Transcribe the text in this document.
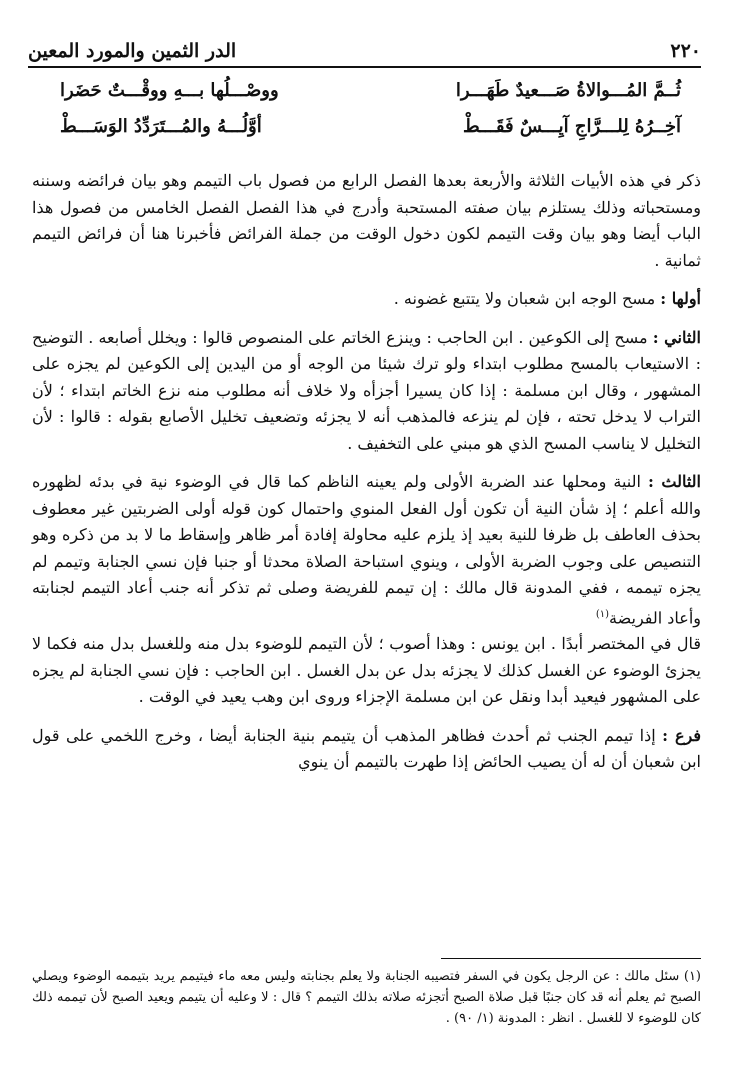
٢٢٠
الدر الثمين والمورد المعين
ثُــمَّ المُـــوالاةُ صَـــعيدٌ طَهَـــرا
ووصْـــلُها بـــهِ ووقْـــتٌ حَضَرا
آخِــرُهُ لِلـــرَّاجِ آيِـــسٌ فَقَـــطْ
أوَّلُـــهُ والمُـــتَرَدِّدُ الوَسَـــطْ

ذكر في هذه الأبيات الثلاثة والأربعة بعدها الفصل الرابع من فصول باب التيمم وهو بيان فرائضه وسننه ومستحباته وذلك يستلزم بيان صفته المستحبة وأدرج في هذا الفصل الفصل الخامس من فصول هذا الباب أيضا وهو بيان وقت التيمم لكون دخول الوقت من جملة الفرائض فأخبرنا هنا أن فرائض التيمم ثمانية .

أولها : مسح الوجه ابن شعبان ولا يتتبع غضونه .

الثاني : مسح إلى الكوعين . ابن الحاجب : وينزع الخاتم على المنصوص قالوا : ويخلل أصابعه . التوضيح : الاستيعاب بالمسح مطلوب ابتداء ولو ترك شيئا من الوجه أو من اليدين إلى الكوعين لم يجزه على المشهور ، وقال ابن مسلمة : إذا كان يسيرا أجزأه ولا خلاف أنه مطلوب منه نزع الخاتم ابتداء ؛ لأن التراب لا يدخل تحته ، فإن لم ينزعه فالمذهب أنه لا يجزئه وتضعيف تخليل الأصابع بقوله : قالوا : لأن التخليل لا يناسب المسح الذي هو مبني على التخفيف .

الثالث : النية ومحلها عند الضربة الأولى ولم يعينه الناظم كما قال في الوضوء نية في بدئه لظهوره والله أعلم ؛ إذ شأن النية أن تكون أول الفعل المنوي واحتمال كون قوله أولى الضربتين غير معطوف بحذف العاطف بل ظرفا للنية بعيد إذ يلزم عليه محاولة إفادة أمر ظاهر وإسقاط ما لا بد من ذكره وهو التنصيص على وجوب الضربة الأولى ، وينوي استباحة الصلاة محدثا أو جنبا فإن نسي الجنابة وتيمم لم يجزه تيممه ، ففي المدونة قال مالك : إن تيمم للفريضة وصلى ثم تذكر أنه جنب أعاد التيمم لجنابته وأعاد الفريضة$^{(١)}$

قال في المختصر أبدًا . ابن يونس : وهذا أصوب ؛ لأن التيمم للوضوء بدل منه وللغسل بدل منه فكما لا يجزئ الوضوء عن الغسل كذلك لا يجزئه بدل عن بدل الغسل . ابن الحاجب : فإن نسي الجنابة لم يجزه على المشهور فيعيد أبدا ونقل عن ابن مسلمة الإجزاء وروى ابن وهب يعيد في الوقت .

فرع : إذا تيمم الجنب ثم أحدث فظاهر المذهب أن يتيمم بنية الجنابة أيضا ، وخرج اللخمي على قول ابن شعبان أن له أن يصيب الحائض إذا طهرت بالتيمم أن ينوي

(١) سئل مالك : عن الرجل يكون في السفر فتصيبه الجنابة ولا يعلم بجنابته وليس معه ماء فيتيمم يريد بتيممه الوضوء ويصلي الصبح ثم يعلم أنه قد كان جنبًا قبل صلاة الصبح أتجزئه صلاته بذلك التيمم ؟ قال : لا وعليه أن يتيمم ويعيد الصبح لأن تيممه ذلك كان للوضوء لا للغسل . انظر : المدونة (١/ ٩٠) .
